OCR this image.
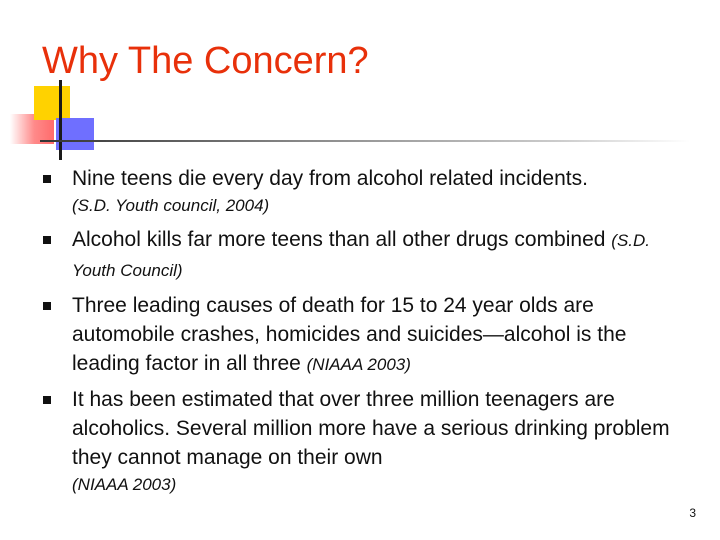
Why The Concern?
Nine teens die every day from alcohol related incidents.
(S.D. Youth council, 2004)
Alcohol kills far more teens than all other drugs combined (S.D. Youth Council)
Three leading causes of death for 15 to 24 year olds are automobile crashes, homicides and suicides—alcohol is the leading factor in all three (NIAAA 2003)
It has been estimated that over three million teenagers are alcoholics. Several million more have a serious drinking problem they cannot manage on their own
(NIAAA 2003)
3
